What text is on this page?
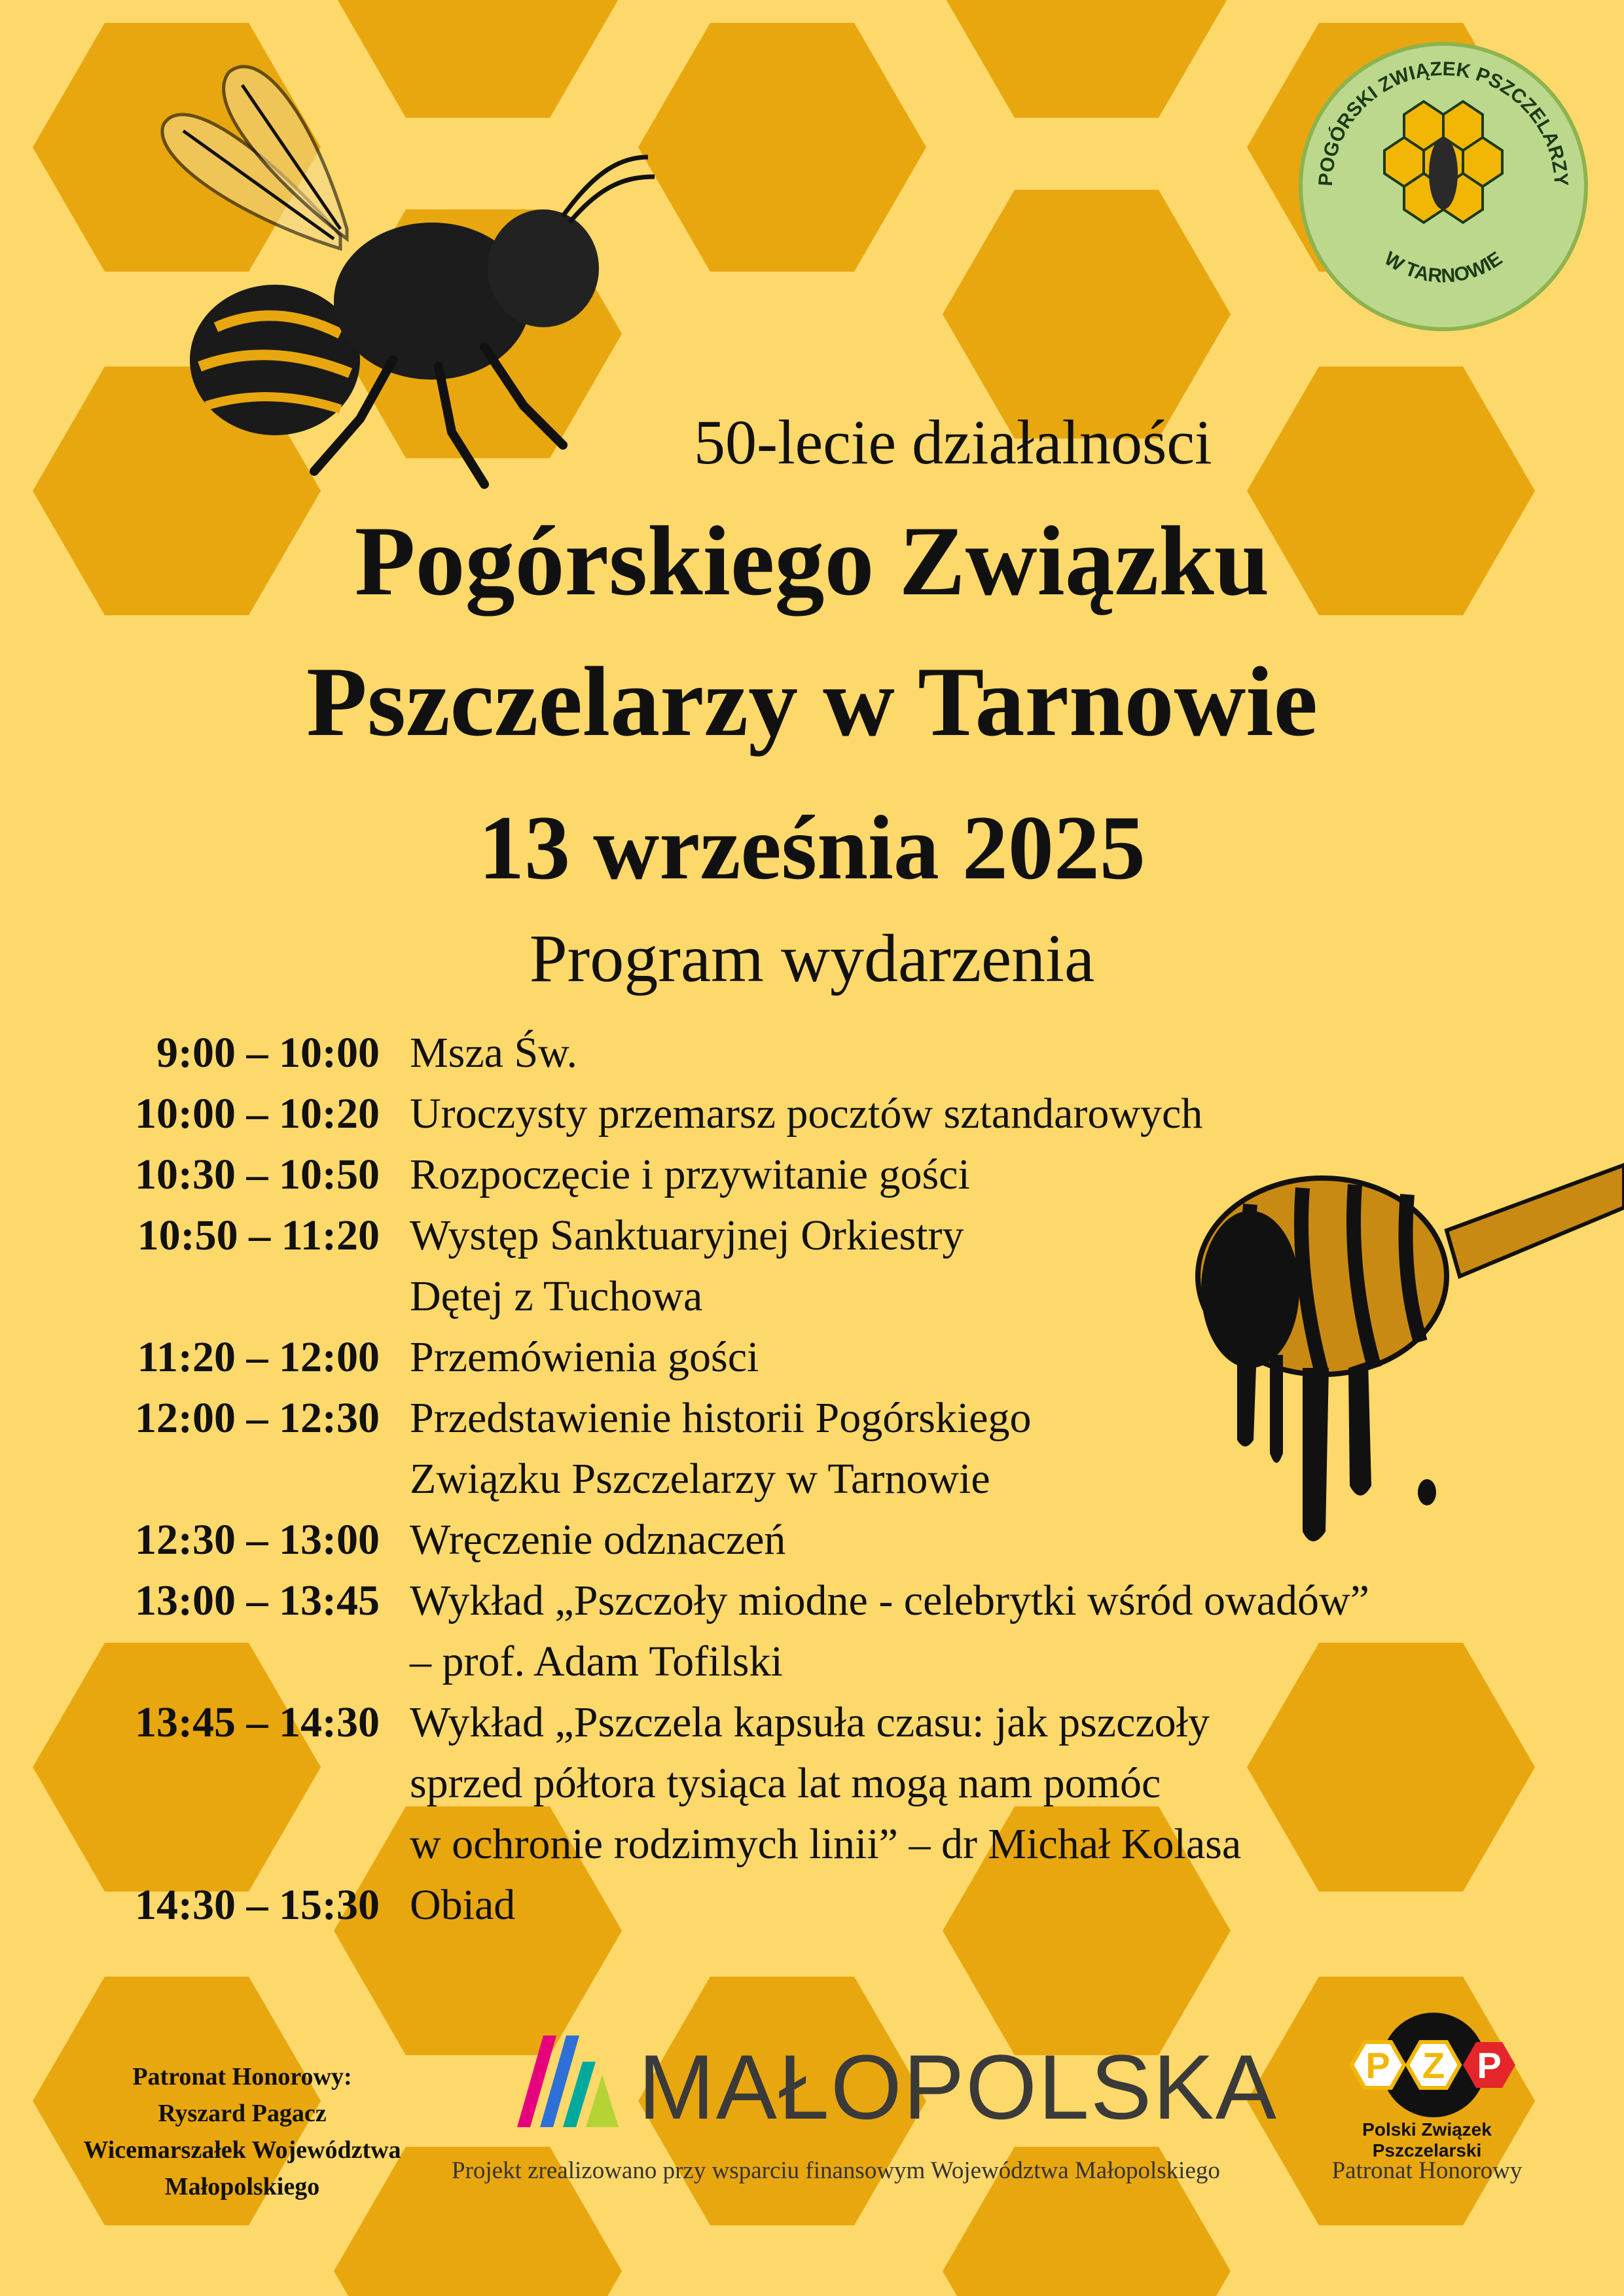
POGÓRSKI ZWIĄZEK PSZCZELARZY
W TARNOWIE
50-lecie działalności
Pogórskiego Związku
Pszczelarzy w Tarnowie
13 września 2025
Program wydarzenia
9:00 – 10:00 Msza Św.
10:00 – 10:20 Uroczysty przemarsz pocztów sztandarowych
10:30 – 10:50 Rozpoczęcie i przywitanie gości
10:50 – 11:20 Występ Sanktuaryjnej Orkiestry
Dętej z Tuchowa
11:20 – 12:00 Przemówienia gości
12:00 – 12:30 Przedstawienie historii Pogórskiego
Związku Pszczelarzy w Tarnowie
12:30 – 13:00 Wręczenie odznaczeń
13:00 – 13:45 Wykład „Pszczoły miodne - celebrytki wśród owadów”
– prof. Adam Tofilski
13:45 – 14:30 Wykład „Pszczela kapsuła czasu: jak pszczoły
sprzed półtora tysiąca lat mogą nam pomóc
w ochronie rodzimych linii” – dr Michał Kolasa
14:30 – 15:30 Obiad
Patronat Honorowy:
Ryszard Pagacz
Wicemarszałek Województwa
Małopolskiego
MAŁOPOLSKA
Projekt zrealizowano przy wsparciu finansowym Województwa Małopolskiego
P Z P
Polski Związek Pszczelarski
Patronat Honorowy
